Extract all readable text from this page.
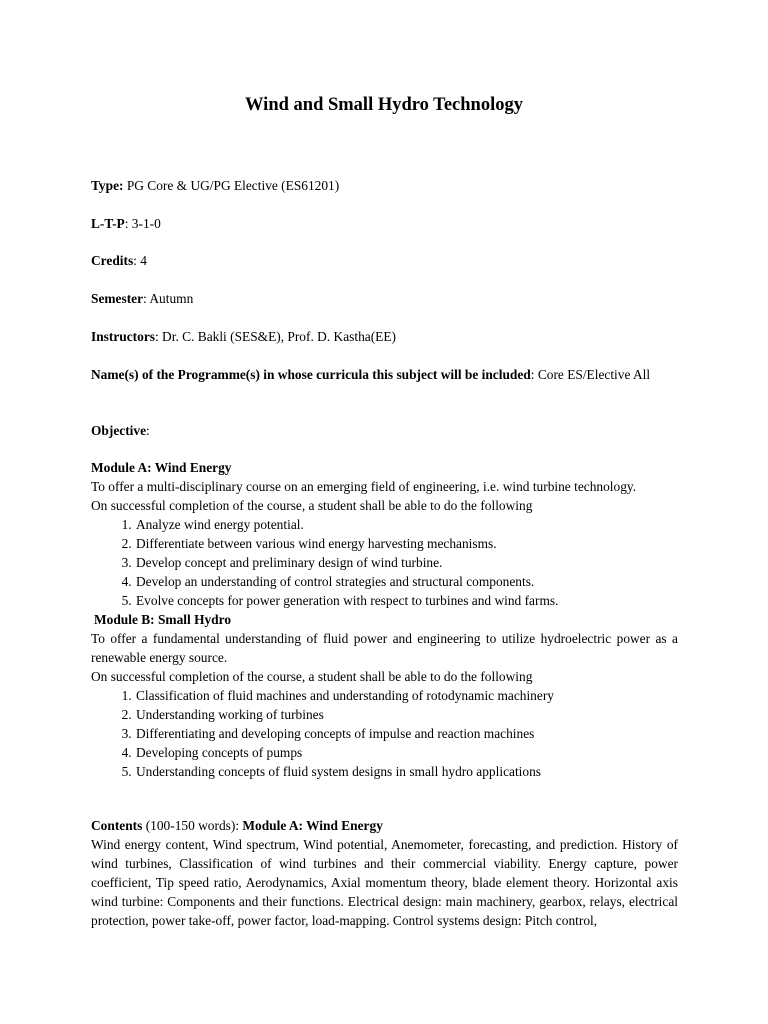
Wind and Small Hydro Technology
Type: PG Core & UG/PG Elective (ES61201)
L-T-P: 3-1-0
Credits: 4
Semester: Autumn
Instructors: Dr. C. Bakli (SES&E), Prof. D. Kastha(EE)
Name(s) of the Programme(s) in whose curricula this subject will be included: Core ES/Elective All
Objective:

Module A: Wind Energy

To offer a multi-disciplinary course on an emerging field of engineering, i.e. wind turbine technology.

On successful completion of the course, a student shall be able to do the following

1. Analyze wind energy potential.
2. Differentiate between various wind energy harvesting mechanisms.
3. Develop concept and preliminary design of wind turbine.
4. Develop an understanding of control strategies and structural components.
5. Evolve concepts for power generation with respect to turbines and wind farms.

Module B: Small Hydro

To offer a fundamental understanding of fluid power and engineering to utilize hydroelectric power as a renewable energy source.

On successful completion of the course, a student shall be able to do the following

1. Classification of fluid machines and understanding of rotodynamic machinery
2. Understanding working of turbines
3. Differentiating and developing concepts of impulse and reaction machines
4. Developing concepts of pumps
5. Understanding concepts of fluid system designs in small hydro applications

Contents (100-150 words): Module A: Wind Energy

Wind energy content, Wind spectrum, Wind potential, Anemometer, forecasting, and prediction. History of wind turbines, Classification of wind turbines and their commercial viability. Energy capture, power coefficient, Tip speed ratio, Aerodynamics, Axial momentum theory, blade element theory. Horizontal axis wind turbine: Components and their functions. Electrical design: main machinery, gearbox, relays, electrical protection, power take-off, power factor, load-mapping. Control systems design: Pitch control,
